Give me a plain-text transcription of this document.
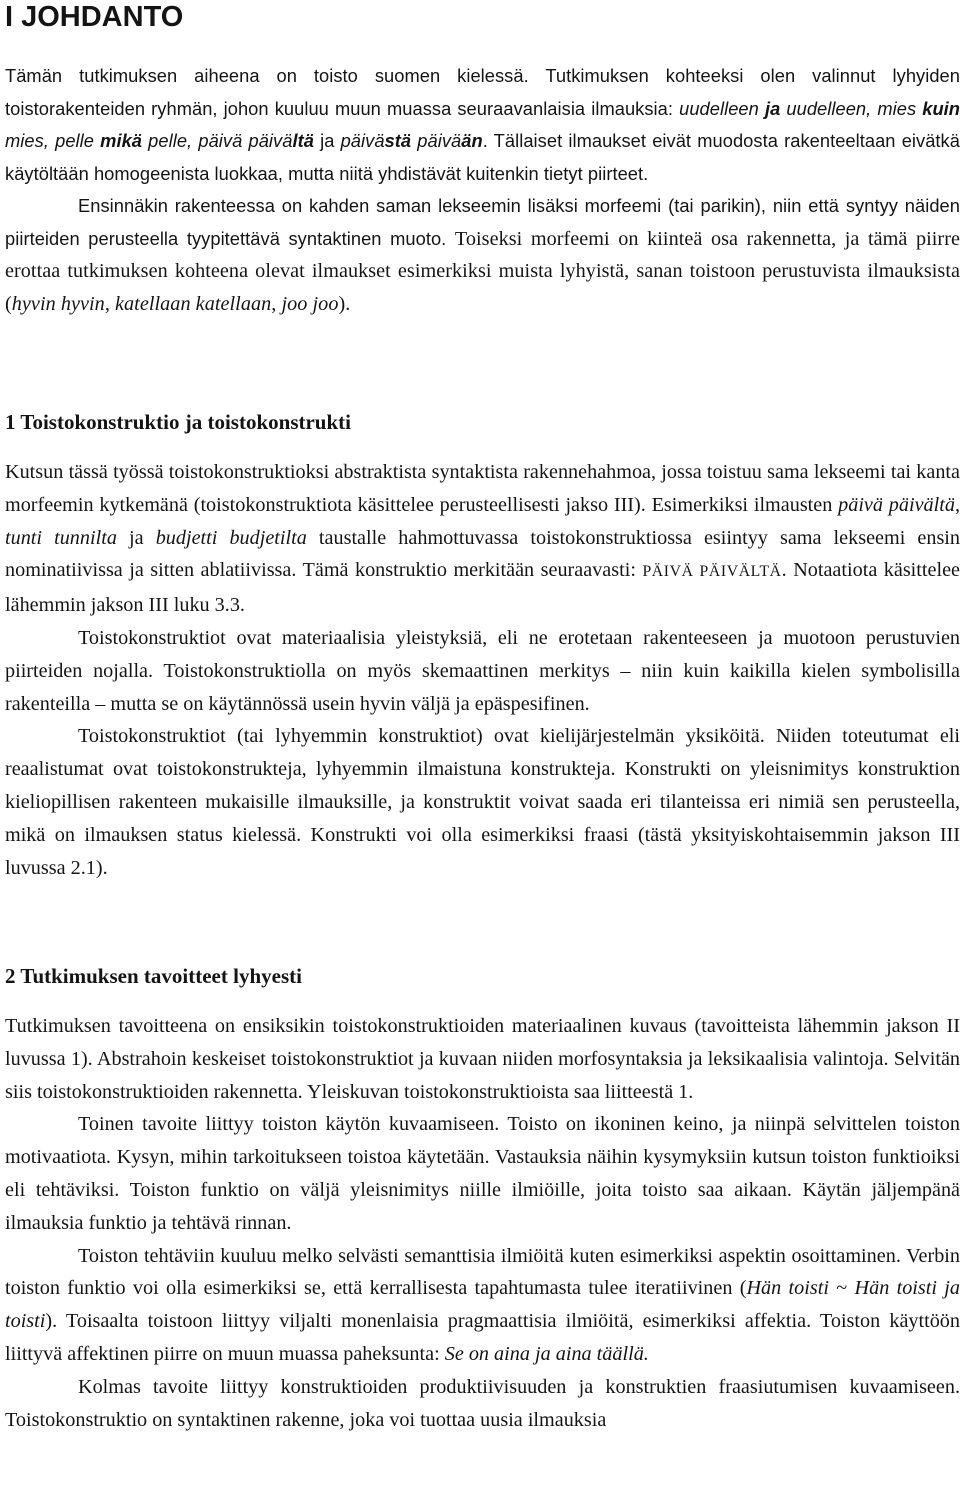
I JOHDANTO

Tämän tutkimuksen aiheena on toisto suomen kielessä. Tutkimuksen kohteeksi olen valinnut lyhyiden toistorakenteiden ryhmän, johon kuuluu muun muassa seuraavanlaisia ilmauksia: uudelleen ja uudelleen, mies kuin mies, pelle mikä pelle, päivä päivältä ja päivästä päivään. Tällaiset ilmaukset eivät muodosta rakenteeltaan eivätkä käytöltään homogeenista luokkaa, mutta niitä yhdistävät kuitenkin tietyt piirteet.

Ensinnäkin rakenteessa on kahden saman lekseemin lisäksi morfeemi (tai parikin), niin että syntyy näiden piirteiden perusteella tyypitettävä syntaktinen muoto. Toiseksi morfeemi on kiinteä osa rakennetta, ja tämä piirre erottaa tutkimuksen kohteena olevat ilmaukset esimerkiksi muista lyhyistä, sanan toistoon perustuvista ilmauksista (hyvin hyvin, katellaan katellaan, joo joo).

1 Toistokonstruktio ja toistokonstrukti

Kutsun tässä työssä toistokonstruktioksi abstraktista syntaktista rakennehahmoa, jossa toistuu sama lekseemi tai kanta morfeemin kytkemänä (toistokonstruktiota käsittelee perusteellisesti jakso III). Esimerkiksi ilmausten päivä päivältä, tunti tunnilta ja budjetti budjetilta taustalle hahmottuvassa toistokonstruktiossa esiintyy sama lekseemi ensin nominatiivissa ja sitten ablatiivissa. Tämä konstruktio merkitään seuraavasti: PÄIVÄ PÄIVÄLTÄ. Notaatiota käsittelee lähemmin jakson III luku 3.3.

Toistokonstruktiot ovat materiaalisia yleistyksiä, eli ne erotetaan rakenteeseen ja muotoon perustuvien piirteiden nojalla. Toistokonstruktiolla on myös skemaattinen merkitys – niin kuin kaikilla kielen symbolisilla rakenteilla – mutta se on käytännössä usein hyvin väljä ja epäspesifinen.

Toistokonstruktiot (tai lyhyemmin konstruktiot) ovat kielijärjestelmän yksiköitä. Niiden toteutumat eli reaalistumat ovat toistokonstrukteja, lyhyemmin ilmaistuna konstrukteja. Konstrukti on yleisnimitys konstruktion kieliopillisen rakenteen mukaisille ilmauksille, ja konstruktit voivat saada eri tilanteissa eri nimiä sen perusteella, mikä on ilmauksen status kielessä. Konstrukti voi olla esimerkiksi fraasi (tästä yksityiskohtaisemmin jakson III luvussa 2.1).

2 Tutkimuksen tavoitteet lyhyesti

Tutkimuksen tavoitteena on ensiksikin toistokonstruktioiden materiaalinen kuvaus (tavoitteista lähemmin jakson II luvussa 1). Abstrahoin keskeiset toistokonstruktiot ja kuvaan niiden morfosyntaksia ja leksikaalisia valintoja. Selvitän siis toistokonstruktioiden rakennetta. Yleiskuvan toistokonstruktioista saa liitteestä 1.

Toinen tavoite liittyy toiston käytön kuvaamiseen. Toisto on ikoninen keino, ja niinpä selvittelen toiston motivaatiota. Kysyn, mihin tarkoitukseen toistoa käytetään. Vastauksia näihin kysymyksiin kutsun toiston funktioiksi eli tehtäviksi. Toiston funktio on väljä yleisnimitys niille ilmiöille, joita toisto saa aikaan. Käytän jäljempänä ilmauksia funktio ja tehtävä rinnan.

Toiston tehtäviin kuuluu melko selvästi semanttisia ilmiöitä kuten esimerkiksi aspektin osoittaminen. Verbin toiston funktio voi olla esimerkiksi se, että kerrallisesta tapahtumasta tulee iteratiivinen (Hän toisti ~ Hän toisti ja toisti). Toisaalta toistoon liittyy viljalti monenlaisia pragmaattisia ilmiöitä, esimerkiksi affektia. Toiston käyttöön liittyvä affektinen piirre on muun muassa paheksunta: Se on aina ja aina täällä.

Kolmas tavoite liittyy konstruktioiden produktiivisuuden ja konstruktien fraasiutumisen kuvaamiseen. Toistokonstruktio on syntaktinen rakenne, joka voi tuottaa uusia ilmauksia
